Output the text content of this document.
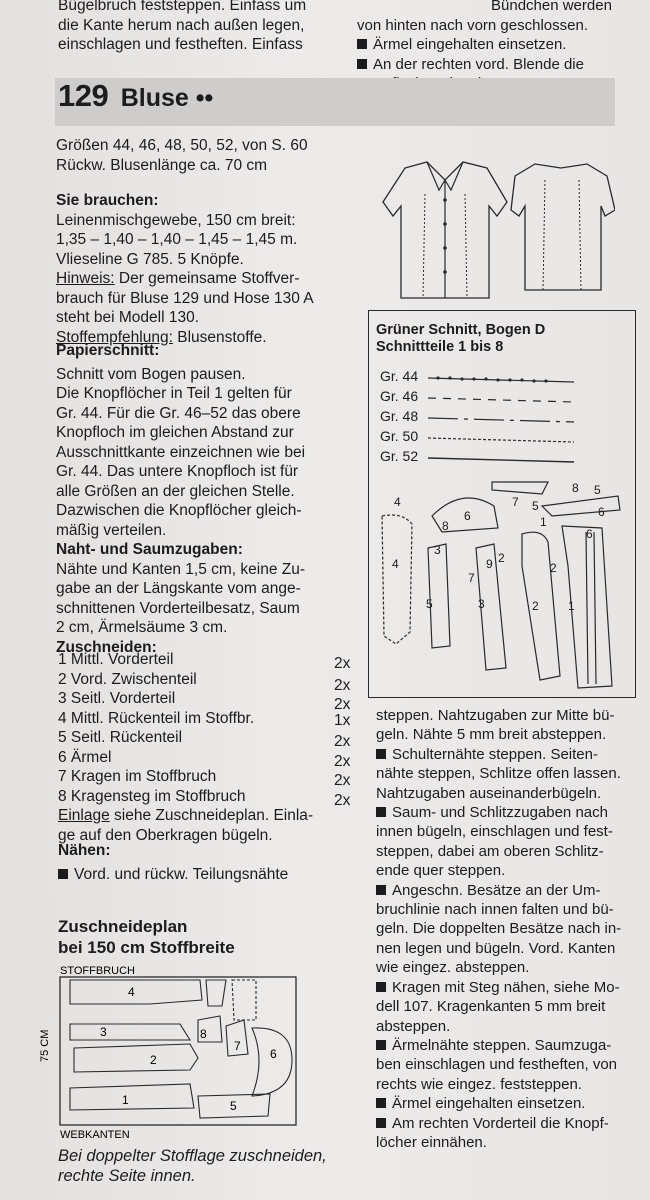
Bügelbruch feststeppen. Einfass um
die Kante herum nach außen legen,
einschlagen und festheften. Einfass
Bündchen werden
von hinten nach vorn geschlossen.
Ärmel eingehalten einsetzen.
An der rechten vord. Blende die
129 Bluse ••
Größen 44, 46, 48, 50, 52, von S. 60
Rückw. Blusenlänge ca. 70 cm
Sie brauchen:
Leinenmischgewebe, 150 cm breit:
1,35 – 1,40 – 1,40 – 1,45 – 1,45 m.
Vlieseline G 785. 5 Knöpfe.
Hinweis: Der gemeinsame Stoffver-
brauch für Bluse 129 und Hose 130 A
steht bei Modell 130.
Stoffempfehlung: Blusenstoffe.
Papierschnitt:
Schnitt vom Bogen pausen.
Die Knopflöcher in Teil 1 gelten für
Gr. 44. Für die Gr. 46–52 das obere
Knopfloch im gleichen Abstand zur
Ausschnittkante einzeichnen wie bei
Gr. 44. Das untere Knopfloch ist für
alle Größen an der gleichen Stelle.
Dazwischen die Knopflöcher gleich-
mäßig verteilen.
Naht- und Saumzugaben:
Nähte und Kanten 1,5 cm, keine Zu-
gabe an der Längskante vom ange-
schnittenen Vorderteilbesatz, Saum
2 cm, Ärmelsäume 3 cm.
Zuschneiden:
1 Mittl. Vorderteil	2x
2 Vord. Zwischenteil	2x
3 Seitl. Vorderteil	2x
4 Mittl. Rückenteil im Stoffbr.	1x
5 Seitl. Rückenteil	2x
6 Ärmel	2x
7 Kragen im Stoffbruch	2x
8 Kragensteg im Stoffbruch	2x
Einlage siehe Zuschneideplan. Einla-
ge auf den Oberkragen bügeln.
Nähen:
Vord. und rückw. Teilungsnähte
Zuschneideplan
bei 150 cm Stoffbreite
STOFFBRUCH
WEBKANTEN
75 CM
4
3
2
8
7
6
1	5
Bei doppelter Stofflage zuschneiden,
rechte Seite innen.
Grüner Schnitt, Bogen D
Schnittteile 1 bis 8
Gr. 44
Gr. 46
Gr. 48
Gr. 50
Gr. 52
8 5
7 5
6
8
4
4
3
5	3	2 1
7
9 2
2
1
6
6
steppen. Nahtzugaben zur Mitte bü-
geln. Nähte 5 mm breit absteppen.
Schulternähte steppen. Seiten-
nähte steppen, Schlitze offen lassen.
Nahtzugaben auseinanderbügeln.
Saum- und Schlitzzugaben nach
innen bügeln, einschlagen und fest-
steppen, dabei am oberen Schlitz-
ende quer steppen.
Angeschn. Besätze an der Um-
bruchlinie nach innen falten und bü-
geln. Die doppelten Besätze nach in-
nen legen und bügeln. Vord. Kanten
wie eingez. absteppen.
Kragen mit Steg nähen, siehe Mo-
dell 107. Kragenkanten 5 mm breit
absteppen.
Ärmelnähte steppen. Saumzuga-
ben einschlagen und festheften, von
rechts wie eingez. feststeppen.
Ärmel eingehalten einsetzen.
Am rechten Vorderteil die Knopf-
löcher einnähen.
